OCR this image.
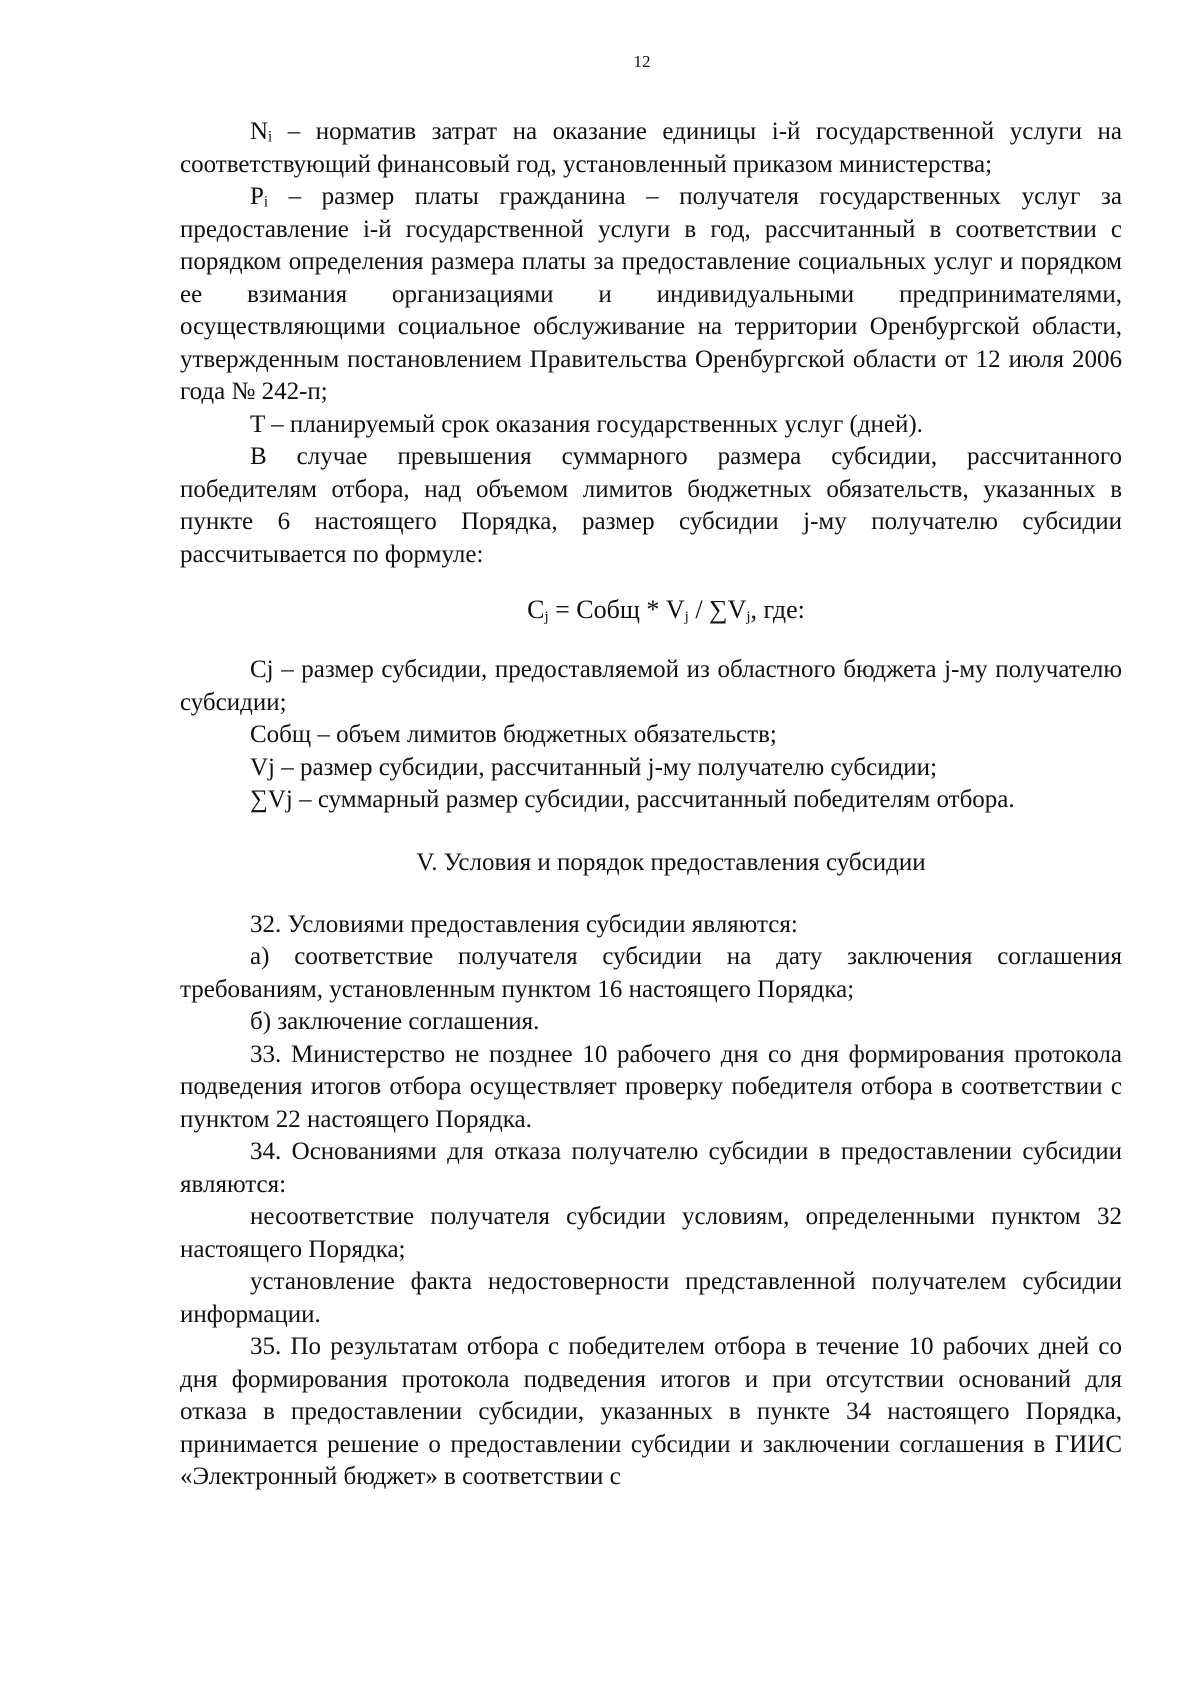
12

Nᵢ – норматив затрат на оказание единицы i-й государственной услуги на соответствующий финансовый год, установленный приказом министерства;

Pᵢ – размер платы гражданина – получателя государственных услуг за предоставление i-й государственной услуги в год, рассчитанный в соответствии с порядком определения размера платы за предоставление социальных услуг и порядком ее взимания организациями и индивидуальными предпринимателями, осуществляющими социальное обслуживание на территории Оренбургской области, утвержденным постановлением Правительства Оренбургской области от 12 июля 2006 года № 242-п;

T – планируемый срок оказания государственных услуг (дней).

В случае превышения суммарного размера субсидии, рассчитанного победителям отбора, над объемом лимитов бюджетных обязательств, указанных в пункте 6 настоящего Порядка, размер субсидии j-му получателю субсидии рассчитывается по формуле:

$C_j$ = Собщ * $V_j / \sum V_j$, где:

Cj – размер субсидии, предоставляемой из областного бюджета j-му получателю субсидии;

Собщ – объем лимитов бюджетных обязательств;

Vj – размер субсидии, рассчитанный j-му получателю субсидии;

∑Vj – суммарный размер субсидии, рассчитанный победителям отбора.

V. Условия и порядок предоставления субсидии

32. Условиями предоставления субсидии являются:

а) соответствие получателя субсидии на дату заключения соглашения требованиям, установленным пунктом 16 настоящего Порядка;

б) заключение соглашения.

33. Министерство не позднее 10 рабочего дня со дня формирования протокола подведения итогов отбора осуществляет проверку победителя отбора в соответствии с пунктом 22 настоящего Порядка.

34. Основаниями для отказа получателю субсидии в предоставлении субсидии являются:

несоответствие получателя субсидии условиям, определенными пунктом 32 настоящего Порядка;

установление факта недостоверности представленной получателем субсидии информации.

35. По результатам отбора с победителем отбора в течение 10 рабочих дней со дня формирования протокола подведения итогов и при отсутствии оснований для отказа в предоставлении субсидии, указанных в пункте 34 настоящего Порядка, принимается решение о предоставлении субсидии и заключении соглашения в ГИИС «Электронный бюджет» в соответствии с
